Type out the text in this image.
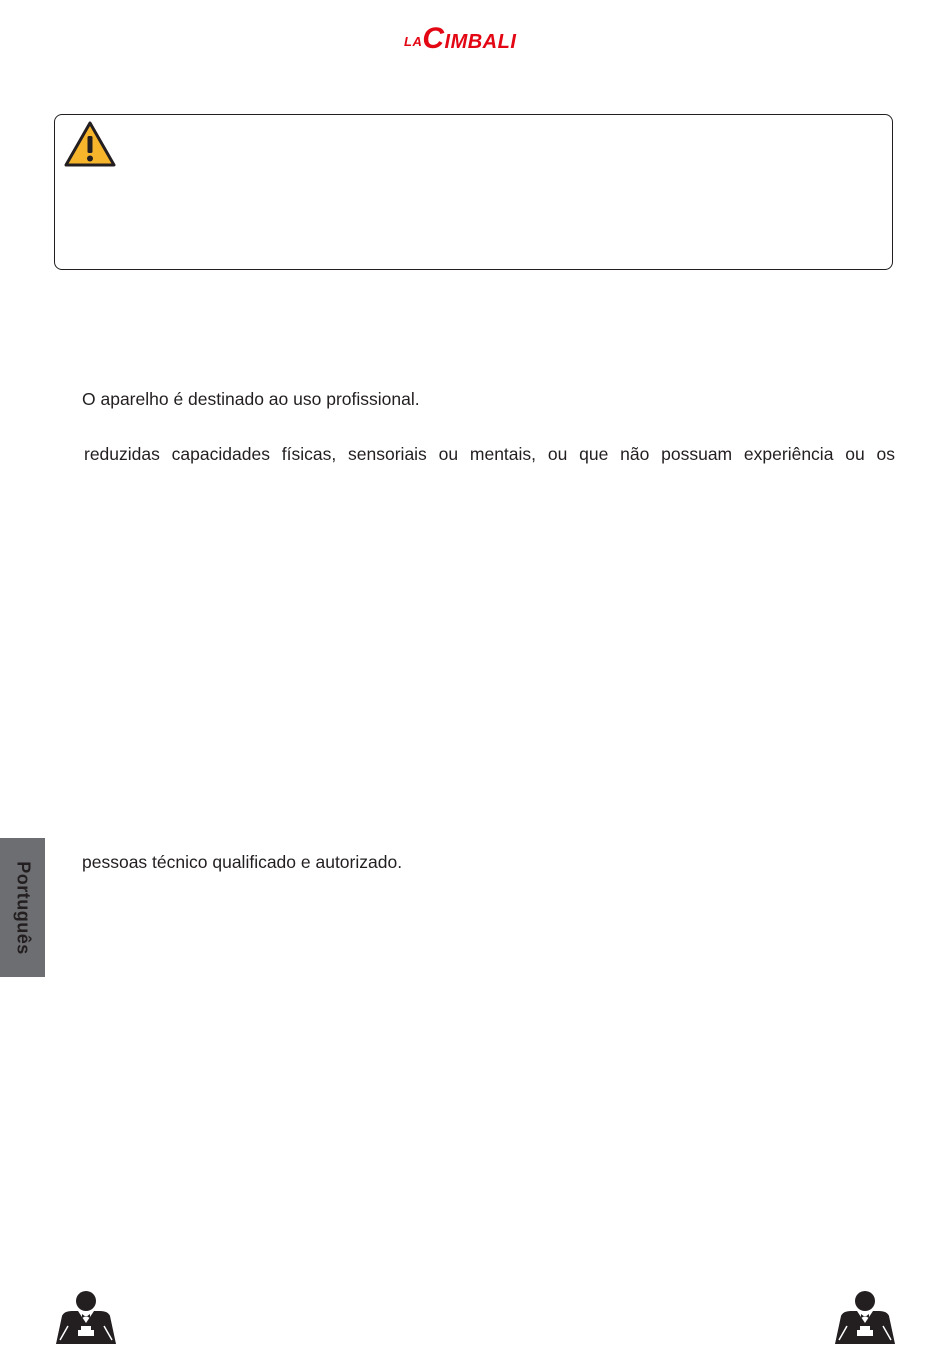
LACIMBALI
O aparelho é destinado ao uso profissional.
reduzidas capacidades físicas, sensoriais ou mentais, ou que não possuam experiência ou os
pessoas técnico qualificado e autorizado.
Português
